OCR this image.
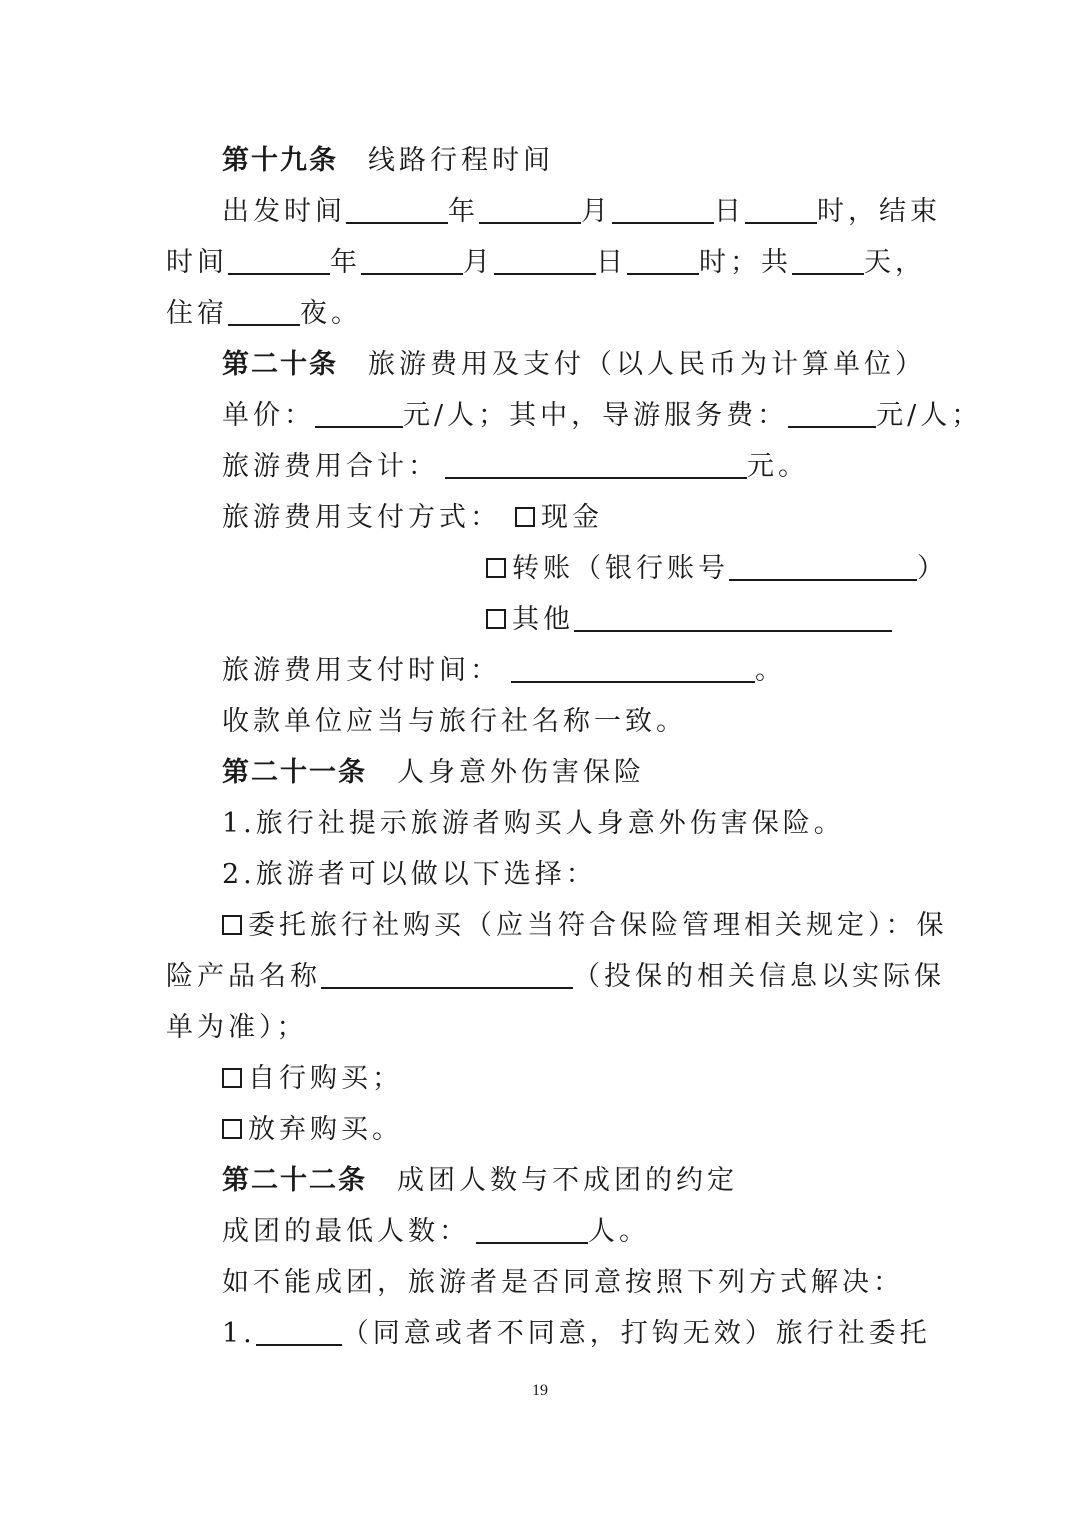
第十九条 线路行程时间
出发时间	年	月	日	时，结束
时间	年	月	日	时；共	天，
住宿	夜。
第二十条 旅游费用及支付（以人民币为计算单位）
单价：	元/人；其中，导游服务费：	元/人；
旅游费用合计：	元。
旅游费用支付方式： 现金
转账（银行账号	）
其他
旅游费用支付时间：	。
收款单位应当与旅行社名称一致。
第二十一条 人身意外伤害保险
1.旅行社提示旅游者购买人身意外伤害保险。
2.旅游者可以做以下选择：
委托旅行社购买（应当符合保险管理相关规定）：保
险产品名称	（投保的相关信息以实际保
单为准）；
自行购买；
放弃购买。
第二十二条 成团人数与不成团的约定
成团的最低人数：	人。
如不能成团，旅游者是否同意按照下列方式解决：
1.	（同意或者不同意，打钩无效）旅行社委托
19
